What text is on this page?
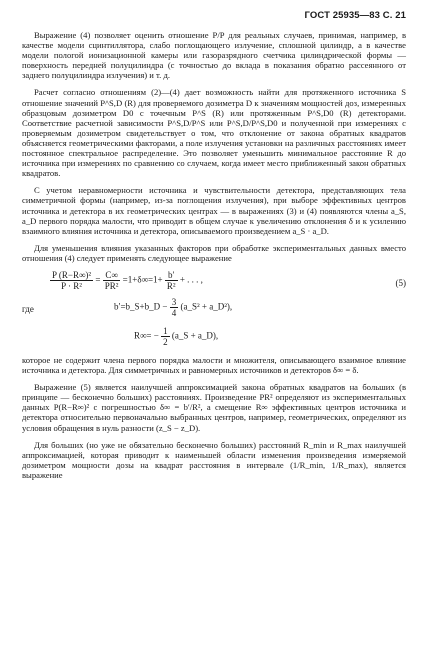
ГОСТ 25935—83 С. 21

Выражение (4) позволяет оценить отношение P/P для реальных случаев, принимая, например, в качестве модели сцинтиллятора, слабо поглощающего излучение, сплошной цилиндр, а в качестве модели пологой ионизационной камеры или газоразрядного счетчика цилиндрической формы — поверхность передней полуцилиндра (с точностью до вклада в показания обратно рассеянного от заднего полуцилиндра излучения) и т. д.

Расчет согласно отношениям (2)—(4) дает возможность найти для протяженного источника S отношение значений P^S,D (R) для проверяемого дозиметра D к значениям мощностей доз, измеренных образцовым дозиметром D0 с точечным P^S (R) или протяженным P^S,D0 (R) детекторами. Соответствие расчетной зависимости P^S,D/P^S или P^S,D/P^S,D0 и полученной при измерениях с проверяемым дозиметром свидетельствует о том, что отклонение от закона обратных квадратов объясняется геометрическими факторами, а поле излучения установки на различных расстояниях имеет постоянное спектральное распределение. Это позволяет уменьшить минимальное расстояние R до источника при измерениях по сравнению со случаем, когда имеет место приближенный закон обратных квадратов.

С учетом неравномерности источника и чувствительности детектора, представляющих тела симметричной формы (например, из-за поглощения излучения), при выборе эффективных центров источника и детектора в их геометрических центрах — в выражениях (3) и (4) появляются члены a_S, a_D первого порядка малости, что приводит в общем случае к увеличению отклонения δ и к усилению взаимного влияния источника и детектора, описываемого произведением a_S · a_D.

Для уменьшения влияния указанных факторов при обработке экспериментальных данных вместо отношения (4) следует применять следующее выражение

$\frac{\text{P (R−R∞)²}}{\text{P · R²}} = \frac{C\infty}{\text{PR²}} =1+\delta\infty=1+ \frac{b'}{\text{R²}}$ + . . . ,	(5)
где	b′=b_S+b_D − $\frac{3}{4}$ (a_S² + a_D²),
$R\infty= - \frac{1}{2}$ (a_S + a_D),

которое не содержит члена первого порядка малости и множителя, описывающего взаимное влияние источника и детектора. Для симметричных и равномерных источников и детекторов δ∞ = δ.

Выражение (5) является наилучшей аппроксимацией закона обратных квадратов на больших (в принципе — бесконечно больших) расстояниях. Произведение PR² определяют из экспериментальных данных P(R−R∞)² с погрешностью δ∞ = b′/R², а смещение R∞ эффективных центров источника и детектора относительно первоначально выбранных центров, например, геометрических, определяют из условия обращения в нуль разности (z_S − z_D).

Для больших (но уже не обязательно бесконечно больших) расстояний R_min и R_max наилучшей аппроксимацией, которая приводит к наименьшей области изменения произведения измеряемой дозиметром мощности дозы на квадрат расстояния в интервале (1/R_min, 1/R_max), является выражение
